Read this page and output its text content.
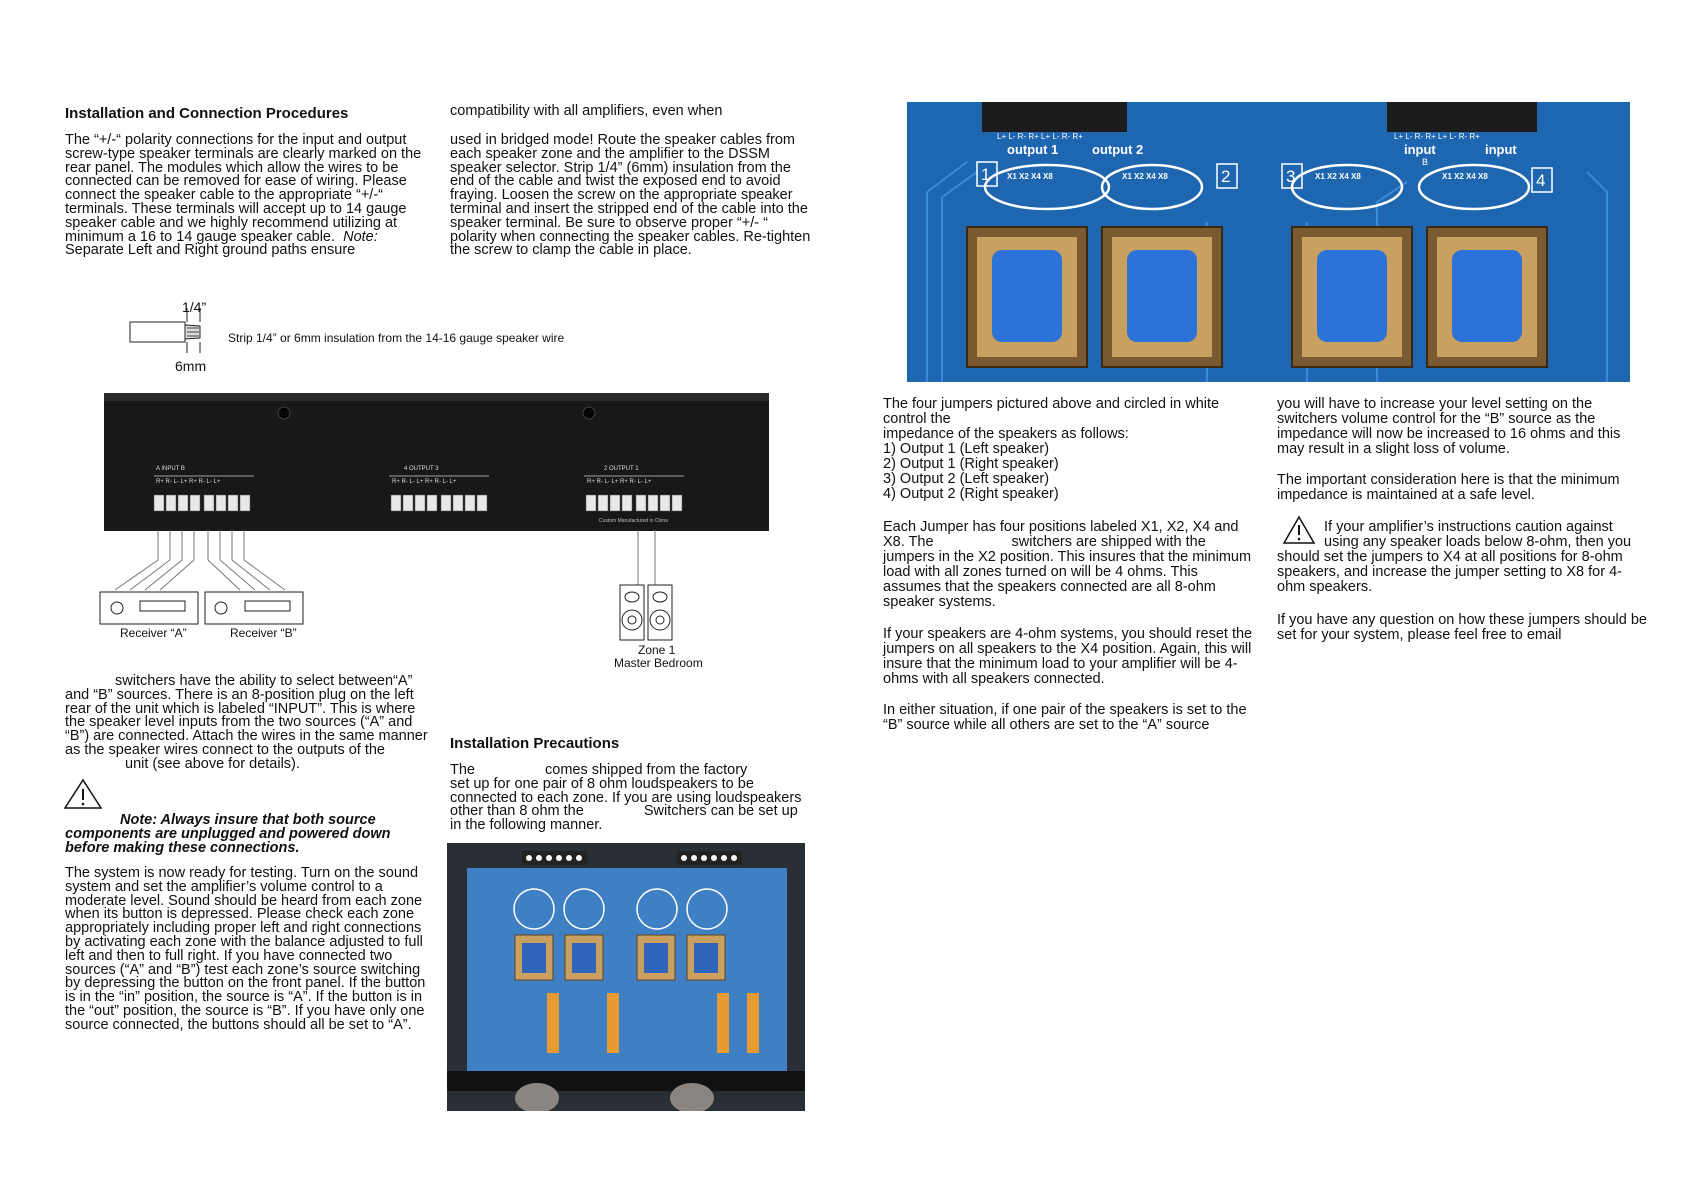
Installation and Connection Procedures

The “+/-“ polarity connections for the input and output screw-type speaker terminals are clearly marked on the rear panel. The modules which allow the wires to be connected can be removed for ease of wiring. Please connect the speaker cable to the appropriate “+/-“ terminals. These terminals will accept up to 14 gauge speaker cable and we highly recommend utilizing at minimum a 16 to 14 gauge speaker cable. Note: Separate Left and Right ground paths ensure

compatibility with all amplifiers, even when

used in bridged mode! Route the speaker cables from each speaker zone and the amplifier to the DSSM speaker selector. Strip 1/4” (6mm) insulation from the end of the cable and twist the exposed end to avoid fraying. Loosen the screw on the appropriate speaker terminal and insert the stripped end of the cable into the speaker terminal. Be sure to observe proper “+/- “ polarity when connecting the speaker cables. Re-tighten the screw to clamp the cable in place.

1/4”
6mm
Strip 1/4” or 6mm insulation from the 14-16 gauge speaker wire
A INPUT B
R+ R- L- L+ R+ R- L- L+
4 OUTPUT 3
R+ R- L- L+ R+ R- L- L+
2 OUTPUT 1
R+ R- L- L+ R+ R- L- L+
Custom Manufactured in China
Receiver “A”	Receiver “B”
Zone 1
Master Bedroom

switchers have the ability to select between“A” and “B” sources. There is an 8-position plug on the left rear of the unit which is labeled “INPUT”. This is where the speaker level inputs from the two sources (“A” and “B”) are connected. Attach the wires in the same manner as the speaker wires connect to the outputs of the unit (see above for details).

Note: Always insure that both source components are unplugged and powered down before making these connections.

The system is now ready for testing. Turn on the sound system and set the amplifier’s volume control to a moderate level. Sound should be heard from each zone when its button is depressed. Please check each zone appropriately including proper left and right connections by activating each zone with the balance adjusted to full left and then to full right. If you have connected two sources (“A” and “B”) test each zone’s source switching by depressing the button on the front panel. If the button is in the “in” position, the source is “A”. If the button is in the “out” position, the source is “B”. If you have only one source connected, the buttons should all be set to “A”.

Installation Precautions
The	comes shipped from the factory
set up for one pair of 8 ohm loudspeakers to be
connected to each zone. If you are using loudspeakers
other than 8 ohm the	Switchers can be set up
in the following manner.
output 1	output 2	input	input
B
L+ L- R- R+ L+ L- R- R+	L+ L- R- R+ L+ L- R- R+
1	2	3	4
X1 X2 X4 X8	X1 X2 X4 X8	X1 X2 X4 X8	X1 X2 X4 X8
The four jumpers pictured above and circled in white control the
impedance of the speakers as follows:
1) Output 1 (Left speaker)
2) Output 1 (Right speaker)
3) Output 2 (Left speaker)
4) Output 2 (Right speaker)

Each Jumper has four positions labeled X1, X2, X4 and X8. The	switchers are shipped with the jumpers in the X2 position. This insures that the minimum load with all zones turned on will be 4 ohms. This assumes that the speakers connected are all 8-ohm speaker systems.

If your speakers are 4-ohm systems, you should reset the jumpers on all speakers to the X4 position. Again, this will insure that the minimum load to your amplifier will be 4-ohms with all speakers connected.

In either situation, if one pair of the speakers is set to the “B” source while all others are set to the “A” source

you will have to increase your level setting on the switchers volume control for the “B” source as the impedance will now be increased to 16 ohms and this may result in a slight loss of volume.

The important consideration here is that the minimum impedance is maintained at a safe level.

If your amplifier’s instructions caution against
using any speaker loads below 8-ohm, then you should set the jumpers to X4 at all positions for 8-ohm speakers, and increase the jumper setting to X8 for 4-ohm speakers.

If you have any question on how these jumpers should be set for your system, please feel free to email
